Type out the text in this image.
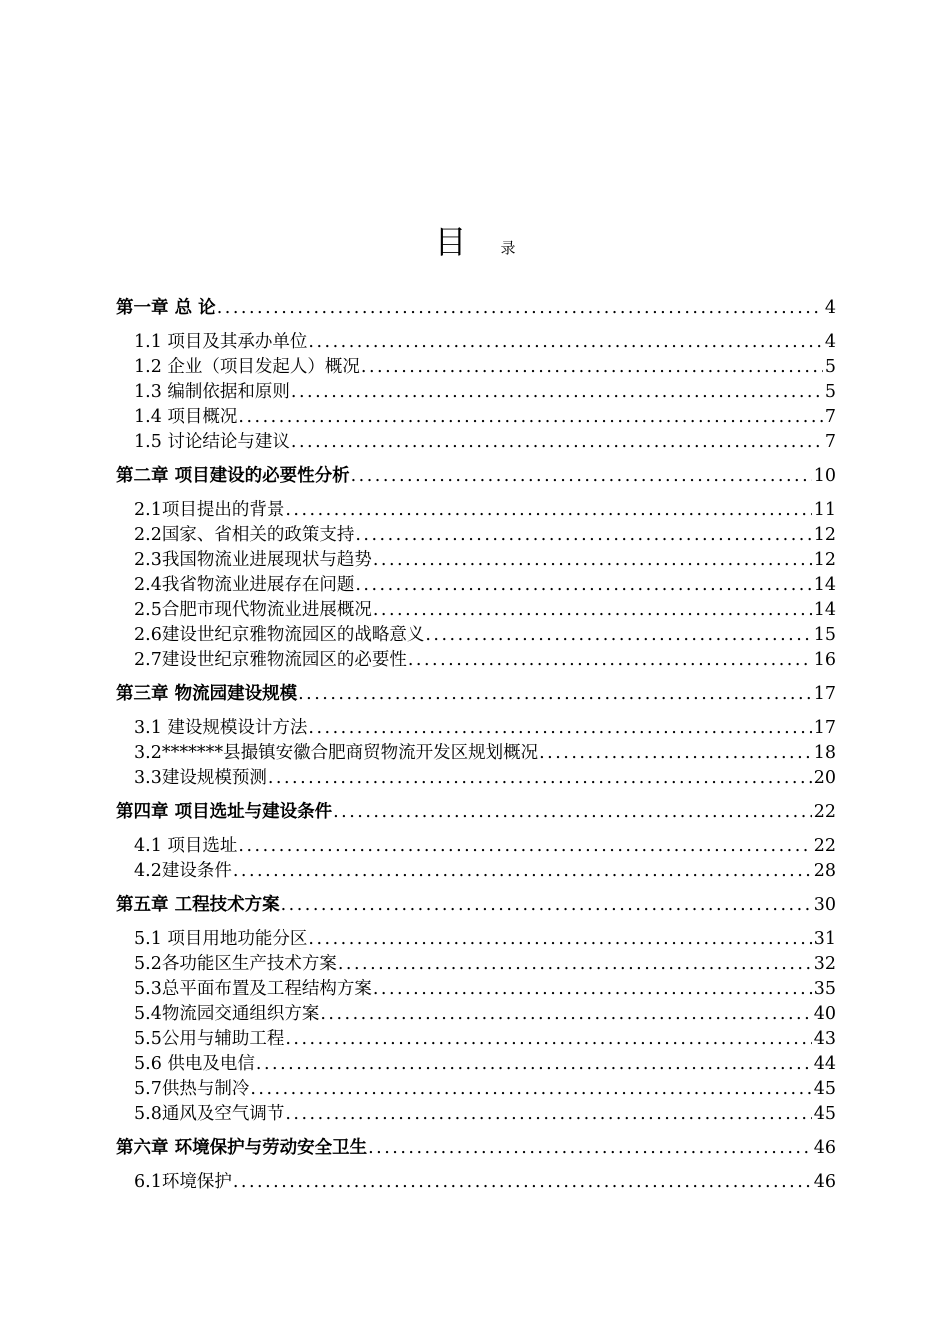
目 录
第一章 总 论 .....	4
1.1 项目及其承办单位 .....	4
1.2 企业（项目发起人）概况 .....	5
1.3 编制依据和原则 .....	5
1.4 项目概况 .....	7
1.5 讨论结论与建议 .....	7
第二章 项目建设的必要性分析 .....	10
2.1项目提出的背景 .....	11
2.2国家、省相关的政策支持 .....	12
2.3我国物流业进展现状与趋势 .....	12
2.4我省物流业进展存在问题 .....	14
2.5合肥市现代物流业进展概况 .....	14
2.6建设世纪京雅物流园区的战略意义 .....	15
2.7建设世纪京雅物流园区的必要性 .....	16
第三章 物流园建设规模 .....	17
3.1 建设规模设计方法 .....	17
3.2*******县撮镇安徽合肥商贸物流开发区规划概况 .....	18
3.3建设规模预测 .....	20
第四章 项目选址与建设条件 .....	22
4.1 项目选址 .....	22
4.2建设条件 .....	28
第五章 工程技术方案 .....	30
5.1 项目用地功能分区 .....	31
5.2各功能区生产技术方案 .....	32
5.3总平面布置及工程结构方案 .....	35
5.4物流园交通组织方案 .....	40
5.5公用与辅助工程 .....	43
5.6 供电及电信 .....	44
5.7供热与制冷 .....	45
5.8通风及空气调节 .....	45
第六章 环境保护与劳动安全卫生 .....	46
6.1环境保护 .....	46
